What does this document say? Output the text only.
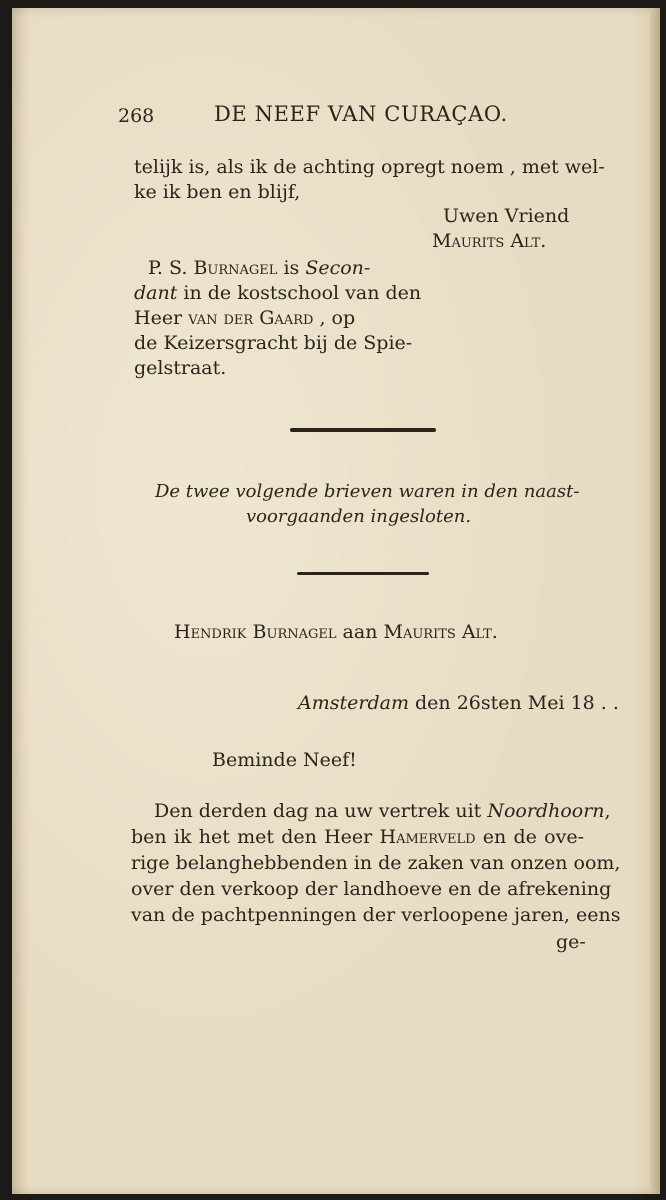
268	DE NEEF VAN CURAÇAO.
telijk is, als ik de achting opregt noem , met wel-
ke ik ben en blijf,
Uwen Vriend
Maurits Alt.
P. S. Burnagel is Secon-
dant in de kostschool van den
Heer van der Gaard , op
de Keizersgracht bij de Spie-
gelstraat.
De twee volgende brieven waren in den naast-
voorgaanden ingesloten.
Hendrik Burnagel aan Maurits Alt.
Amsterdam den 26sten Mei 18 . .
Beminde Neef!
Den derden dag na uw vertrek uit Noordhoorn,
ben ik het met den Heer Hamerveld en de ove-
rige belanghebbenden in de zaken van onzen oom,
over den verkoop der landhoeve en de afrekening
van de pachtpenningen der verloopene jaren, eens
ge-
